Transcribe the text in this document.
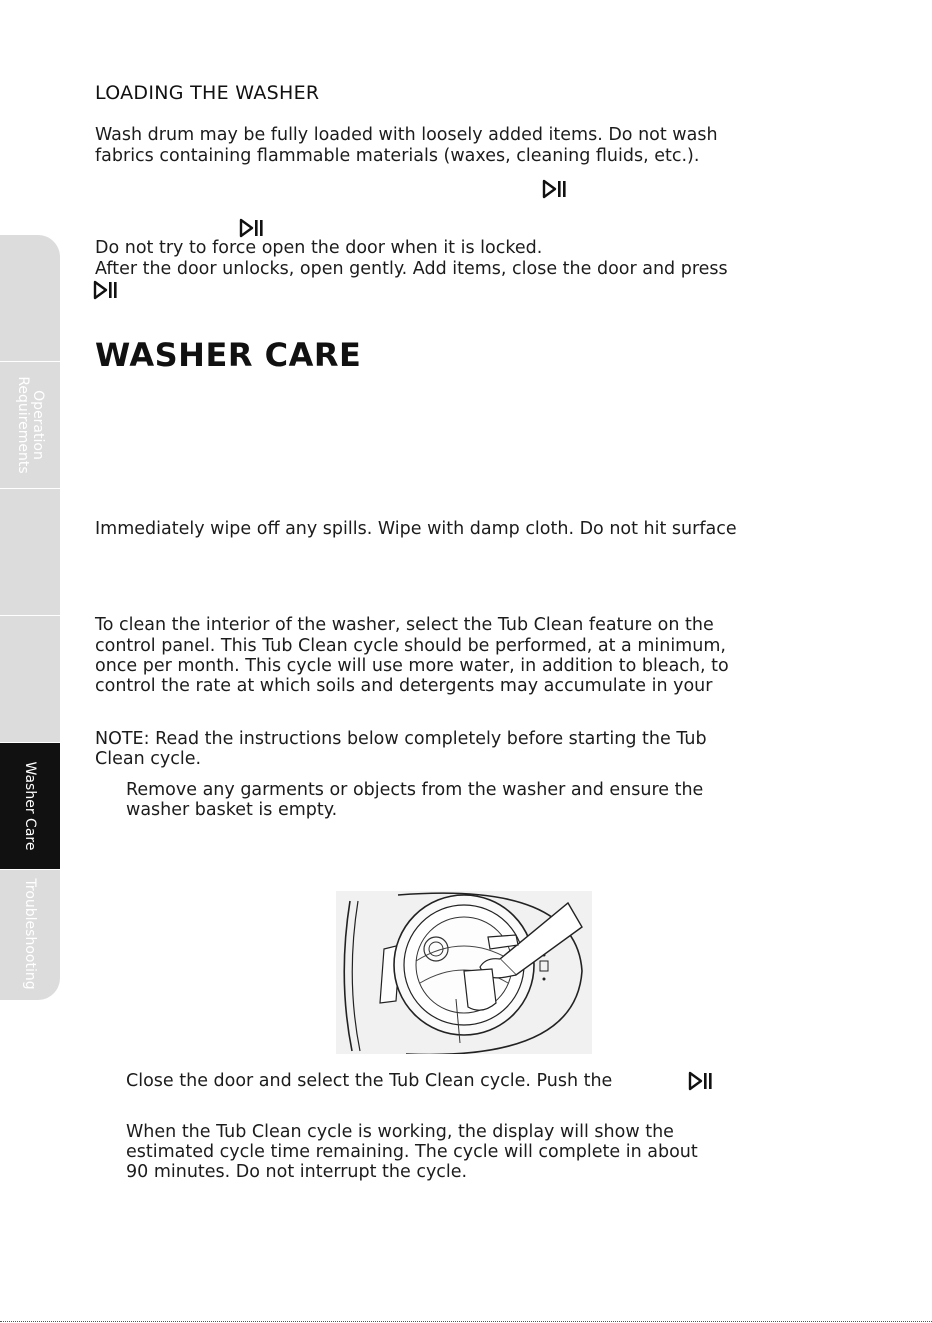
LOADING THE WASHER
Wash drum may be fully loaded with loosely added items. Do not wash
fabrics containing flammable materials (waxes, cleaning fluids, etc.).
Do not try to force open the door when it is locked.
After the door unlocks, open gently. Add items, close the door and press
WASHER CARE
Immediately wipe off any spills. Wipe with damp cloth. Do not hit surface
To clean the interior of the washer, select the Tub Clean feature on the
control panel. This Tub Clean cycle should be performed, at a minimum,
once per month. This cycle will use more water, in addition to bleach, to
control the rate at which soils and detergents may accumulate in your
NOTE: Read the instructions below completely before starting the Tub
Clean cycle.
Remove any garments or objects from the washer and ensure the
washer basket is empty.
Close the door and select the Tub Clean cycle. Push the
When the Tub Clean cycle is working, the display will show the
estimated cycle time remaining. The cycle will complete in about
90 minutes. Do not interrupt the cycle.
Operation
Requirements
Washer Care
Troubleshooting
